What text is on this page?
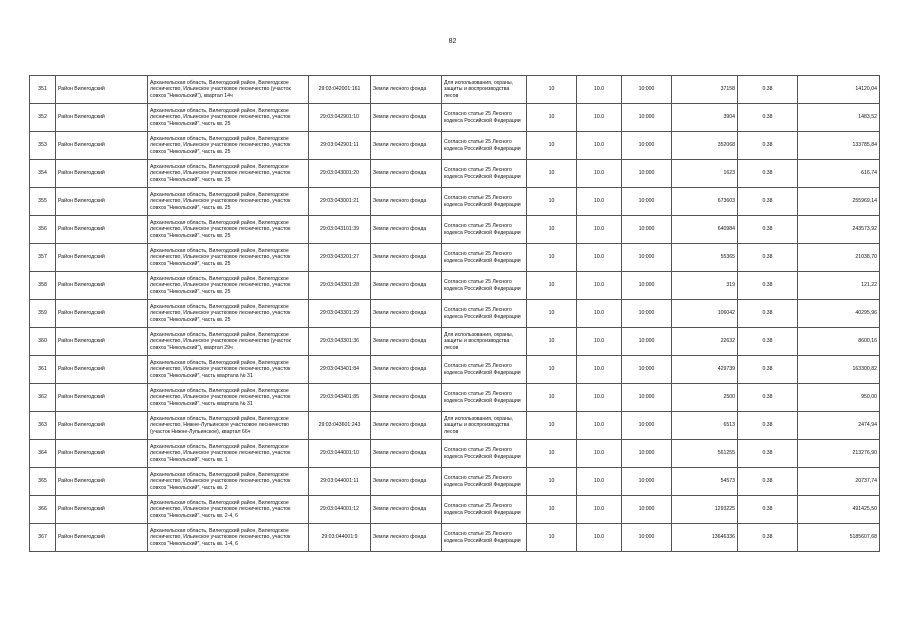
82
351	Район Вилегодский	Архангельская область, Вилегодский район, Вилегодское лесничество, Ильинское участковое лесничество (участок совхоз "Никольский"), квартал 14ч	29:03:042001:161	Земли лесного фонда	Для использования, охраны, защиты и воспроизводства лесов	10	10.0	10:000	37158	0.38	14120,04
352	Район Вилегодский	Архангельская область, Вилегодский район, Вилегодское лесничество, Ильинское участковое лесничество, участок совхоз "Никольский", часть кв. 25	29:03:042901:10	Земли лесного фонда	Согласно статье 25 Лесного кодекса Российской Федерации	10	10.0	10:000	3904	0.38	1483,52
353	Район Вилегодский	Архангельская область, Вилегодский район, Вилегодское лесничество, Ильинское участковое лесничество, участок совхоз "Никольский", часть кв. 25	29:03:042901:11	Земли лесного фонда	Согласно статье 25 Лесного кодекса Российской Федерации	10	10.0	10:000	352068	0.38	133785,84
354	Район Вилегодский	Архангельская область, Вилегодский район, Вилегодское лесничество, Ильинское участковое лесничество, участок совхоз "Никольский", часть кв. 25	29:03:043001:20	Земли лесного фонда	Согласно статье 25 Лесного кодекса Российской Федерации	10	10.0	10:000	1623	0.38	616,74
355	Район Вилегодский	Архангельская область, Вилегодский район, Вилегодское лесничество, Ильинское участковое лесничество, участок совхоз "Никольский", часть кв. 25	29:03:043001:21	Земли лесного фонда	Согласно статье 25 Лесного кодекса Российской Федерации	10	10.0	10:000	673603	0.38	255969,14
356	Район Вилегодский	Архангельская область, Вилегодский район, Вилегодское лесничество, Ильинское участковое лесничество, участок совхоз "Никольский", часть кв. 25	29:03:043101:39	Земли лесного фонда	Согласно статье 25 Лесного кодекса Российской Федерации	10	10.0	10:000	640984	0.38	243573,92
357	Район Вилегодский	Архангельская область, Вилегодский район, Вилегодское лесничество, Ильинское участковое лесничество, участок совхоз "Никольский", часть кв. 25	29:03:043201:27	Земли лесного фонда	Согласно статье 25 Лесного кодекса Российской Федерации	10	10.0	10:000	55365	0.38	21038,70
358	Район Вилегодский	Архангельская область, Вилегодский район, Вилегодское лесничество, Ильинское участковое лесничество, участок совхоз "Никольский", часть кв. 25	29:03:043301:28	Земли лесного фонда	Согласно статье 25 Лесного кодекса Российской Федерации	10	10.0	10:000	319	0.38	121,22
359	Район Вилегодский	Архангельская область, Вилегодский район, Вилегодское лесничество, Ильинское участковое лесничество, участок совхоз "Никольский", часть кв. 25	29:03:043301:29	Земли лесного фонда	Согласно статье 25 Лесного кодекса Российской Федерации	10	10.0	10:000	106042	0.38	40295,96
360	Район Вилегодский	Архангельская область, Вилегодский район, Вилегодское лесничество, Ильинское участковое лесничество (участок совхоз "Никольский"), квартал 29ч	29:03:043301:36	Земли лесного фонда	Для использования, охраны, защиты и воспроизводства лесов	10	10.0	10:000	22632	0.38	8600,16
361	Район Вилегодский	Архангельская область, Вилегодский район, Вилегодское лесничество, Ильинское участковое лесничество, участок совхоз "Никольский", часть квартала № 31	29:03:043401:84	Земли лесного фонда	Согласно статье 25 Лесного кодекса Российской Федерации	10	10.0	10:000	429739	0.38	163300,82
362	Район Вилегодский	Архангельская область, Вилегодский район, Вилегодское лесничество, Ильинское участковое лесничество, участок совхоз "Никольский", часть квартала № 31	29:03:043401:85	Земли лесного фонда	Согласно статье 25 Лесного кодекса Российской Федерации	10	10.0	10:000	2500	0.38	950,00
363	Район Вилегодский	Архангельская область, Вилегодский район, Вилегодское лесничество, Нижне-Лупьинское участковое лесничество (участок Нижне-Лупьинское), квартал 66ч	29:03:043601:243	Земли лесного фонда	Для использования, охраны, защиты и воспроизводства лесов	10	10.0	10:000	6513	0.38	2474,94
364	Район Вилегодский	Архангельская область, Вилегодский район, Вилегодское лесничество, Ильинское участковое лесничество, участок совхоз "Никольский", часть кв. 1	29:03:044001:10	Земли лесного фонда	Согласно статье 25 Лесного кодекса Российской Федерации	10	10.0	10:000	561255	0.38	213276,90
365	Район Вилегодский	Архангельская область, Вилегодский район, Вилегодское лесничество, Ильинское участковое лесничество, участок совхоз "Никольский", часть кв. 2	29:03:044001:11	Земли лесного фонда	Согласно статье 25 Лесного кодекса Российской Федерации	10	10.0	10:000	54573	0.38	20737,74
366	Район Вилегодский	Архангельская область, Вилегодский район, Вилегодское лесничество, Ильинское участковое лесничество, участок совхоз "Никольский", часть кв. 2-4, 6	29:03:044001:12	Земли лесного фонда	Согласно статье 25 Лесного кодекса Российской Федерации	10	10.0	10:000	1293225	0.38	491425,50
367	Район Вилегодский	Архангельская область, Вилегодский район, Вилегодское лесничество, Ильинское участковое лесничество, участок совхоз "Никольский", часть кв. 1-4, 6	29:03:044001:9	Земли лесного фонда	Согласно статье 25 Лесного кодекса Российской Федерации	10	10.0	10:000	13646336	0.38	5185607,68
